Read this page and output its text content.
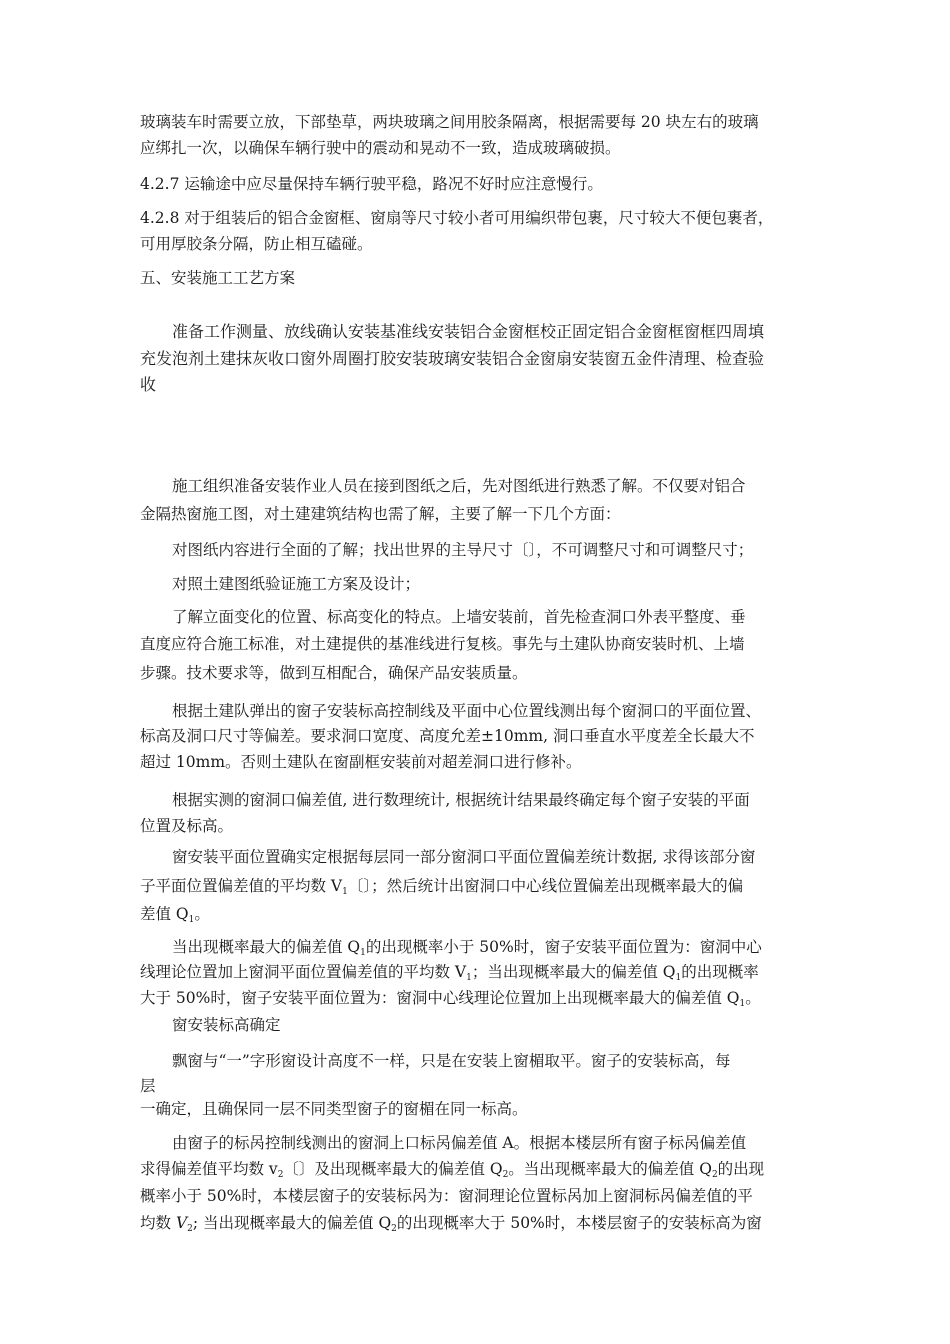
玻璃装车时需要立放，下部垫草，两块玻璃之间用胶条隔离，根据需要每 20 块左右的玻璃
应绑扎一次，以确保车辆行驶中的震动和晃动不一致，造成玻璃破损。
4.2.7 运输途中应尽量保持车辆行驶平稳，路况不好时应注意慢行。
4.2.8 对于组装后的铝合金窗框、窗扇等尺寸较小者可用编织带包裹，尺寸较大不便包裹者，
可用厚胶条分隔，防止相互磕碰。
五、安装施工工艺方案
准备工作测量、放线确认安装基准线安装铝合金窗框校正固定铝合金窗框窗框四周填
充发泡剂土建抹灰收口窗外周圈打胶安装玻璃安装铝合金窗扇安装窗五金件清理、检查验
收
施工组织准备安装作业人员在接到图纸之后，先对图纸进行熟悉了解。不仅要对铝合
金隔热窗施工图，对土建建筑结构也需了解，主要了解一下几个方面：
对图纸内容进行全面的了解；找出世界的主导尺寸〔〕，不可调整尺寸和可调整尺寸；
对照土建图纸验证施工方案及设计；
了解立面变化的位置、标高变化的特点。上墙安装前，首先检查洞口外表平整度、垂
直度应符合施工标准，对土建提供的基准线进行复核。事先与土建队协商安装时机、上墙
步骤。技术要求等，做到互相配合，确保产品安装质量。
根据土建队弹出的窗子安装标高控制线及平面中心位置线测出每个窗洞口的平面位置、
标高及洞口尺寸等偏差。要求洞口宽度、高度允差±10mm, 洞口垂直水平度差全长最大不
超过 10mm。否则土建队在窗副框安装前对超差洞口进行修补。
根据实测的窗洞口偏差值, 进行数理统计, 根据统计结果最终确定每个窗子安装的平面
位置及标高。
窗安装平面位置确实定根据每层同一部分窗洞口平面位置偏差统计数据, 求得该部分窗
子平面位置偏差值的平均数 $V_1$〔〕；然后统计出窗洞口中心线位置偏差出现概率最大的偏
差值 $Q_1$。
当出现概率最大的偏差值 $Q_1$的出现概率小于 50%时，窗子安装平面位置为：窗洞中心
线理论位置加上窗洞平面位置偏差值的平均数 $V_1$；当出现概率最大的偏差值 $Q_1$的出现概率
大于 50%时，窗子安装平面位置为：窗洞中心线理论位置加上出现概率最大的偏差值 $Q_1$。
窗安装标高确定
飘窗与“一”字形窗设计高度不一样，只是在安装上窗楣取平。窗子的安装标高，每
层
一确定，且确保同一层不同类型窗子的窗楣在同一标高。
由窗子的标呙控制线测出的窗洞上口标呙偏差值 A。根据本楼层所有窗子标呙偏差值
求得偏差值平均数 $v_2$〔〕及出现概率最大的偏差值 $Q_2$。当出现概率最大的偏差值 $Q_2$的出现
概率小于 50%时，本楼层窗子的安装标呙为：窗洞理论位置标呙加上窗洞标呙偏差值的平
均数 $V_2$; 当出现概率最大的偏差值 $Q_2$的出现概率大于 50%时，本楼层窗子的安装标高为窗
